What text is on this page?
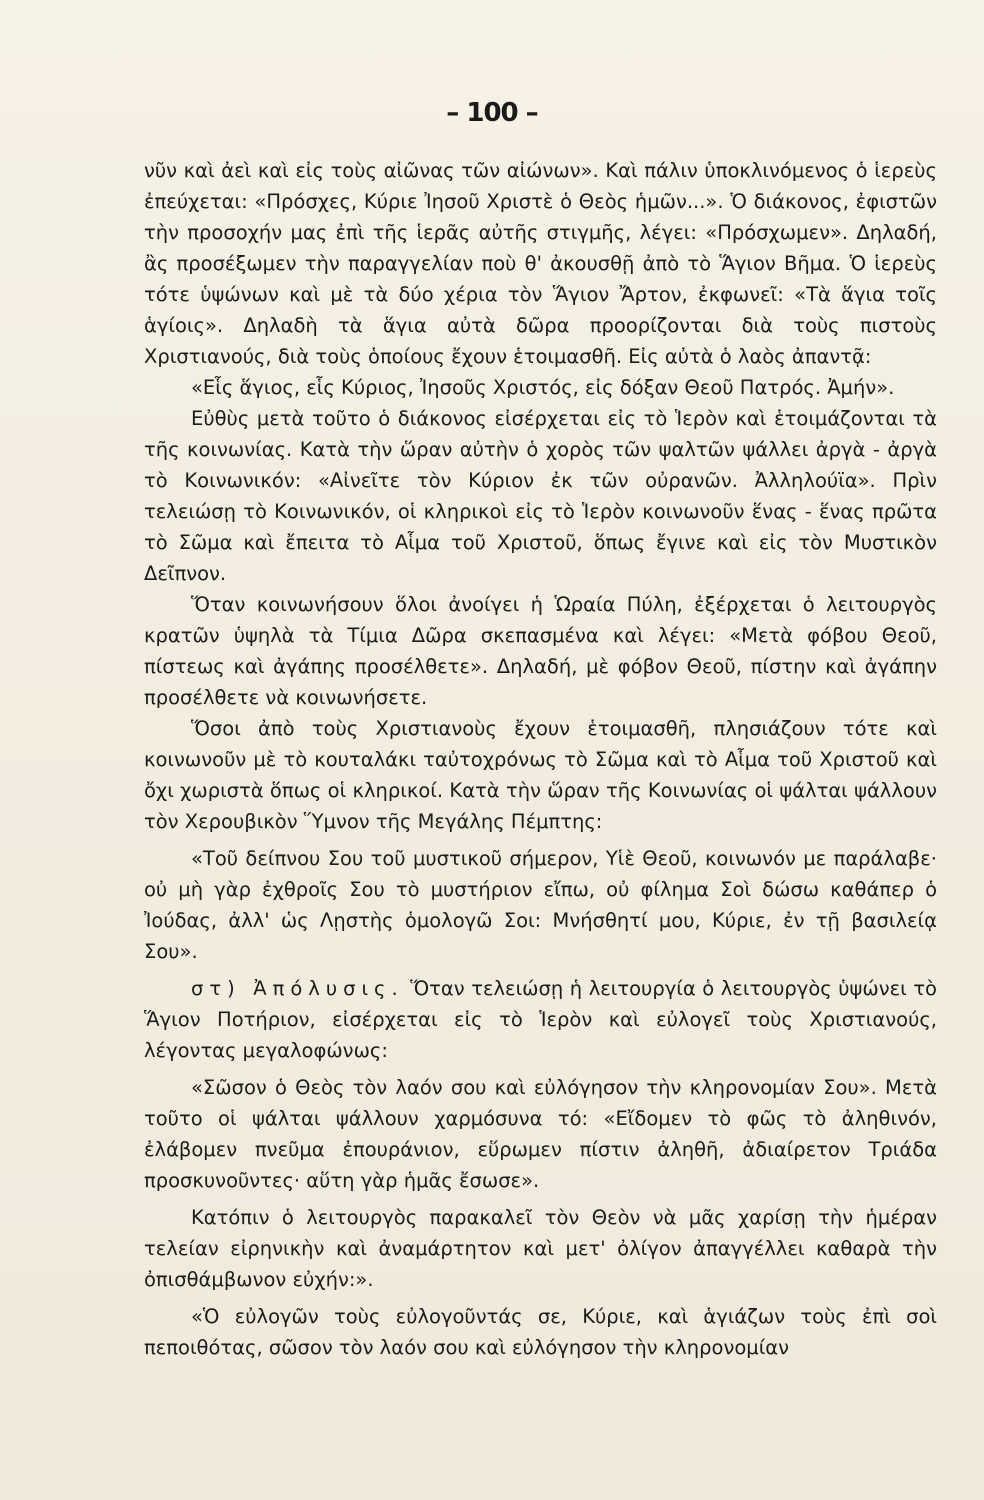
– 100 –

νῦν καὶ ἀεὶ καὶ εἰς τοὺς αἰῶνας τῶν αἰώνων». Καὶ πάλιν ὑποκλινόμενος ὁ ἱερεὺς ἐπεύχεται: «Πρόσχες, Κύριε Ἰησοῦ Χριστὲ ὁ Θεὸς ἡμῶν...». Ὁ διάκονος, ἐφιστῶν τὴν προσοχήν μας ἐπὶ τῆς ἱερᾶς αὐτῆς στιγμῆς, λέγει: «Πρόσχωμεν». Δηλαδή, ἂς προσέξωμεν τὴν παραγγελίαν ποὺ θ' ἀκουσθῇ ἀπὸ τὸ Ἅγιον Βῆμα. Ὁ ἱερεὺς τότε ὑψώνων καὶ μὲ τὰ δύο χέρια τὸν Ἅγιον Ἄρτον, ἐκφωνεῖ: «Τὰ ἅγια τοῖς ἁγίοις». Δηλαδὴ τὰ ἅγια αὐτὰ δῶρα προορίζονται διὰ τοὺς πιστοὺς Χριστιανούς, διὰ τοὺς ὁποίους ἔχουν ἑτοιμασθῆ. Εἰς αὐτὰ ὁ λαὸς ἀπαντᾷ:

«Εἷς ἅγιος, εἷς Κύριος, Ἰησοῦς Χριστός, εἰς δόξαν Θεοῦ Πατρός. Ἀμήν».

Εὐθὺς μετὰ τοῦτο ὁ διάκονος εἰσέρχεται εἰς τὸ Ἱερὸν καὶ ἑτοιμάζονται τὰ τῆς κοινωνίας. Κατὰ τὴν ὥραν αὐτὴν ὁ χορὸς τῶν ψαλτῶν ψάλλει ἀργὰ - ἀργὰ τὸ Κοινωνικόν: «Αἰνεῖτε τὸν Κύριον ἐκ τῶν οὐρανῶν. Ἀλληλούϊα». Πρὶν τελειώσῃ τὸ Κοινωνικόν, οἱ κληρικοὶ εἰς τὸ Ἱερὸν κοινωνοῦν ἕνας - ἕνας πρῶτα τὸ Σῶμα καὶ ἔπειτα τὸ Αἷμα τοῦ Χριστοῦ, ὅπως ἔγινε καὶ εἰς τὸν Μυστικὸν Δεῖπνον.

Ὅταν κοινωνήσουν ὅλοι ἀνοίγει ἡ Ὡραία Πύλη, ἐξέρχεται ὁ λειτουργὸς κρατῶν ὑψηλὰ τὰ Τίμια Δῶρα σκεπασμένα καὶ λέγει: «Μετὰ φόβου Θεοῦ, πίστεως καὶ ἀγάπης προσέλθετε». Δηλαδή, μὲ φόβον Θεοῦ, πίστην καὶ ἀγάπην προσέλθετε νὰ κοινωνήσετε.

Ὅσοι ἀπὸ τοὺς Χριστιανοὺς ἔχουν ἑτοιμασθῆ, πλησιάζουν τότε καὶ κοινωνοῦν μὲ τὸ κουταλάκι ταὐτοχρόνως τὸ Σῶμα καὶ τὸ Αἷμα τοῦ Χριστοῦ καὶ ὄχι χωριστὰ ὅπως οἱ κληρικοί. Κατὰ τὴν ὥραν τῆς Κοινωνίας οἱ ψάλται ψάλλουν τὸν Χερουβικὸν Ὕμνον τῆς Μεγάλης Πέμπτης:

«Τοῦ δείπνου Σου τοῦ μυστικοῦ σήμερον, Υἱὲ Θεοῦ, κοινωνόν με παράλαβε· οὐ μὴ γὰρ ἐχθροῖς Σου τὸ μυστήριον εἴπω, οὐ φίλημα Σοὶ δώσω καθάπερ ὁ Ἰούδας, ἀλλ' ὡς Λῃστὴς ὁμολογῶ Σοι: Μνήσθητί μου, Κύριε, ἐν τῇ βασιλείᾳ Σου».

στ) Ἀπόλυσις. Ὅταν τελειώσῃ ἡ λειτουργία ὁ λειτουργὸς ὑψώνει τὸ Ἅγιον Ποτήριον, εἰσέρχεται εἰς τὸ Ἱερὸν καὶ εὐλογεῖ τοὺς Χριστιανούς, λέγοντας μεγαλοφώνως:

«Σῶσον ὁ Θεὸς τὸν λαόν σου καὶ εὐλόγησον τὴν κληρονομίαν Σου». Μετὰ τοῦτο οἱ ψάλται ψάλλουν χαρμόσυνα τό: «Εἴδομεν τὸ φῶς τὸ ἀληθινόν, ἐλάβομεν πνεῦμα ἐπουράνιον, εὕρωμεν πίστιν ἀληθῆ, ἀδιαίρετον Τριάδα προσκυνοῦντες· αὕτη γὰρ ἡμᾶς ἔσωσε».

Κατόπιν ὁ λειτουργὸς παρακαλεῖ τὸν Θεὸν νὰ μᾶς χαρίσῃ τὴν ἡμέραν τελείαν εἰρηνικὴν καὶ ἀναμάρτητον καὶ μετ' ὀλίγον ἀπαγγέλλει καθαρὰ τὴν ὀπισθάμβωνον εὐχήν:».

«Ὁ εὐλογῶν τοὺς εὐλογοῦντάς σε, Κύριε, καὶ ἁγιάζων τοὺς ἐπὶ σοὶ πεποιθότας, σῶσον τὸν λαόν σου καὶ εὐλόγησον τὴν κληρονομίαν
